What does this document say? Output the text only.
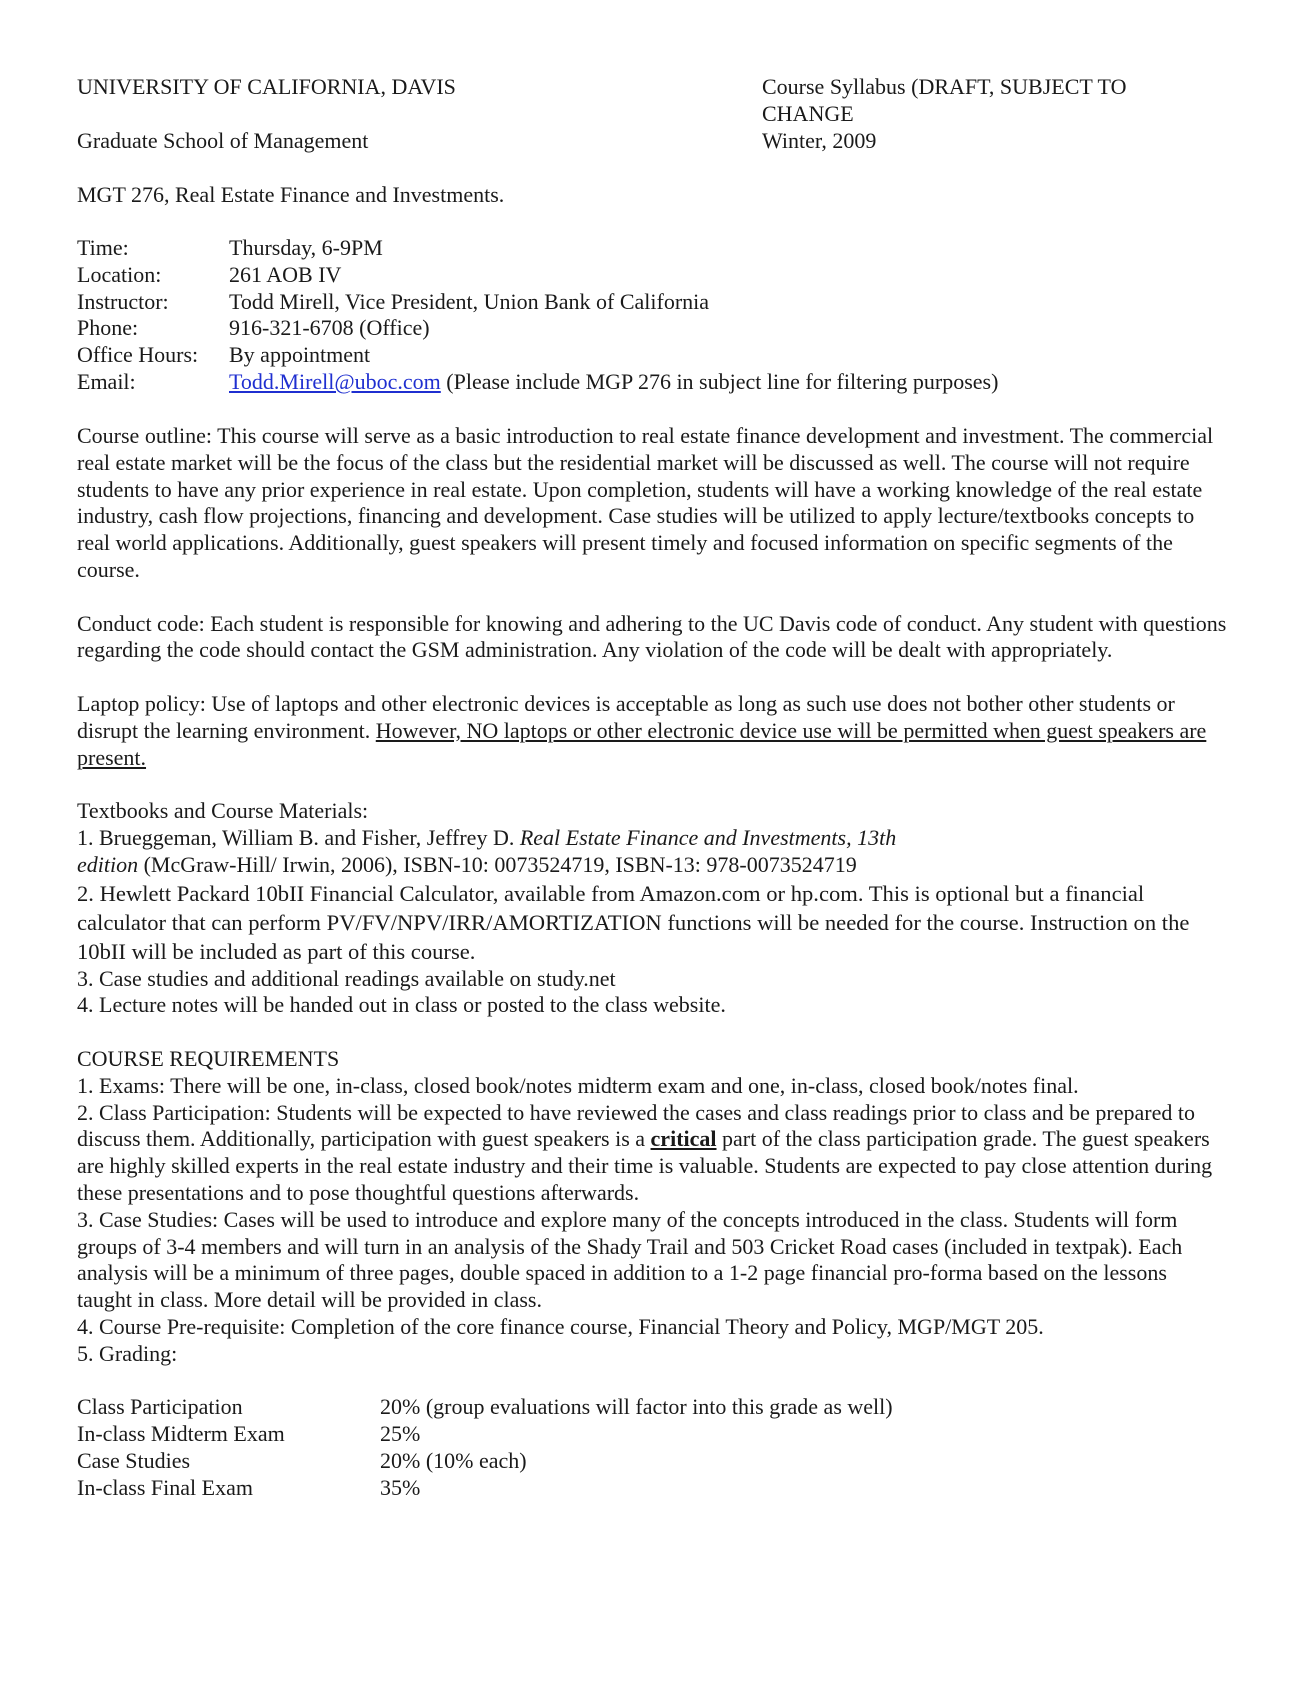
UNIVERSITY OF CALIFORNIA, DAVIS
Graduate School of Management
Course Syllabus (DRAFT, SUBJECT TO
CHANGE
Winter, 2009
MGT 276, Real Estate Finance and Investments.
Time:	Thursday, 6-9PM
Location:	261 AOB IV
Instructor:	Todd Mirell, Vice President, Union Bank of California
Phone:	916-321-6708 (Office)
Office Hours:	By appointment
Email:	Todd.Mirell@uboc.com (Please include MGP 276 in subject line for filtering purposes)

Course outline: This course will serve as a basic introduction to real estate finance development and investment. The commercial real estate market will be the focus of the class but the residential market will be discussed as well. The course will not require students to have any prior experience in real estate. Upon completion, students will have a working knowledge of the real estate industry, cash flow projections, financing and development. Case studies will be utilized to apply lecture/textbooks concepts to real world applications. Additionally, guest speakers will present timely and focused information on specific segments of the course.

Conduct code: Each student is responsible for knowing and adhering to the UC Davis code of conduct. Any student with questions regarding the code should contact the GSM administration. Any violation of the code will be dealt with appropriately.

Laptop policy: Use of laptops and other electronic devices is acceptable as long as such use does not bother other students or disrupt the learning environment. However, NO laptops or other electronic device use will be permitted when guest speakers are present.

Textbooks and Course Materials:
1. Brueggeman, William B. and Fisher, Jeffrey D. Real Estate Finance and Investments, 13th
edition (McGraw-Hill/ Irwin, 2006), ISBN-10: 0073524719, ISBN-13: 978-0073524719
2. Hewlett Packard 10bII Financial Calculator, available from Amazon.com or hp.com. This is optional but a financial calculator that can perform PV/FV/NPV/IRR/AMORTIZATION functions will be needed for the course. Instruction on the 10bII will be included as part of this course.
3. Case studies and additional readings available on study.net
4. Lecture notes will be handed out in class or posted to the class website.
COURSE REQUIREMENTS
1. Exams: There will be one, in-class, closed book/notes midterm exam and one, in-class, closed book/notes final.
2. Class Participation: Students will be expected to have reviewed the cases and class readings prior to class and be prepared to discuss them. Additionally, participation with guest speakers is a critical part of the class participation grade. The guest speakers are highly skilled experts in the real estate industry and their time is valuable. Students are expected to pay close attention during these presentations and to pose thoughtful questions afterwards.
3. Case Studies: Cases will be used to introduce and explore many of the concepts introduced in the class. Students will form groups of 3-4 members and will turn in an analysis of the Shady Trail and 503 Cricket Road cases (included in textpak). Each analysis will be a minimum of three pages, double spaced in addition to a 1-2 page financial pro-forma based on the lessons taught in class. More detail will be provided in class.
4. Course Pre-requisite: Completion of the core finance course, Financial Theory and Policy, MGP/MGT 205.
5. Grading:
Class Participation	20% (group evaluations will factor into this grade as well)
In-class Midterm Exam	25%
Case Studies	20% (10% each)
In-class Final Exam	35%
